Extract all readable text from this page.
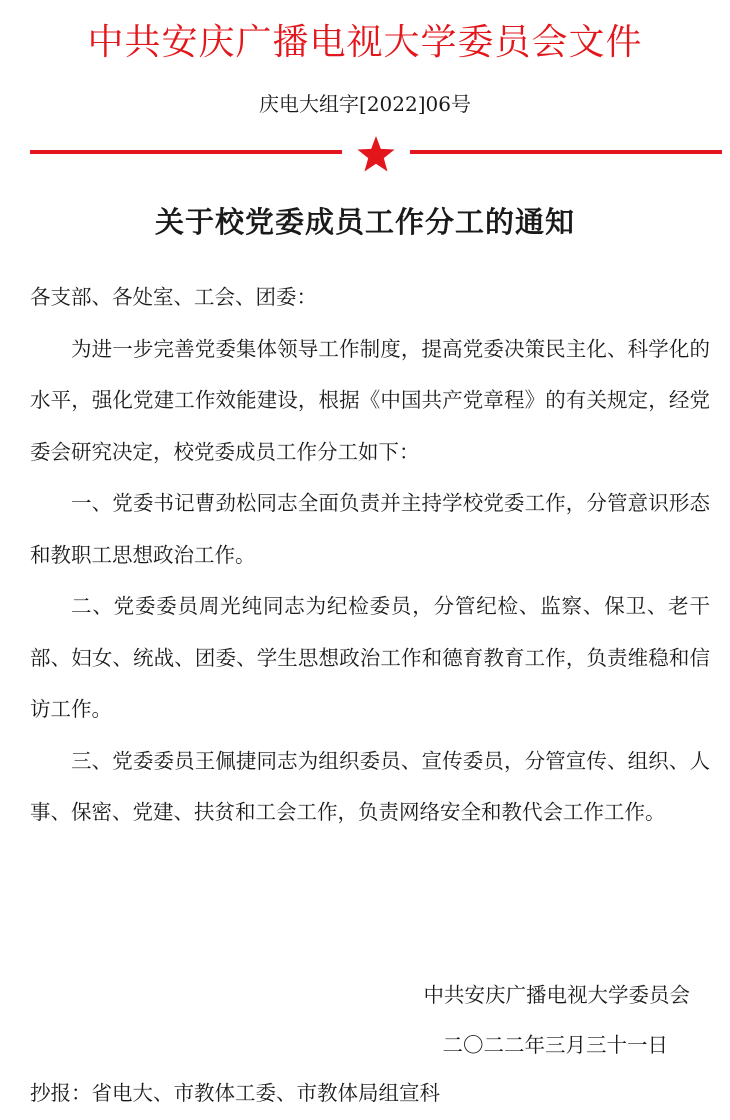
中共安庆广播电视大学委员会文件
庆电大组字[2022]06号
关于校党委成员工作分工的通知

各支部、各处室、工会、团委：

为进一步完善党委集体领导工作制度，提高党委决策民主化、科学化的水平，强化党建工作效能建设，根据《中国共产党章程》的有关规定，经党委会研究决定，校党委成员工作分工如下：

一、党委书记曹劲松同志全面负责并主持学校党委工作，分管意识形态和教职工思想政治工作。

二、党委委员周光纯同志为纪检委员，分管纪检、监察、保卫、老干部、妇女、统战、团委、学生思想政治工作和德育教育工作，负责维稳和信访工作。

三、党委委员王佩捷同志为组织委员、宣传委员，分管宣传、组织、人事、保密、党建、扶贫和工会工作，负责网络安全和教代会工作工作。

中共安庆广播电视大学委员会
二〇二二年三月三十一日
抄报：省电大、市教体工委、市教体局组宣科
